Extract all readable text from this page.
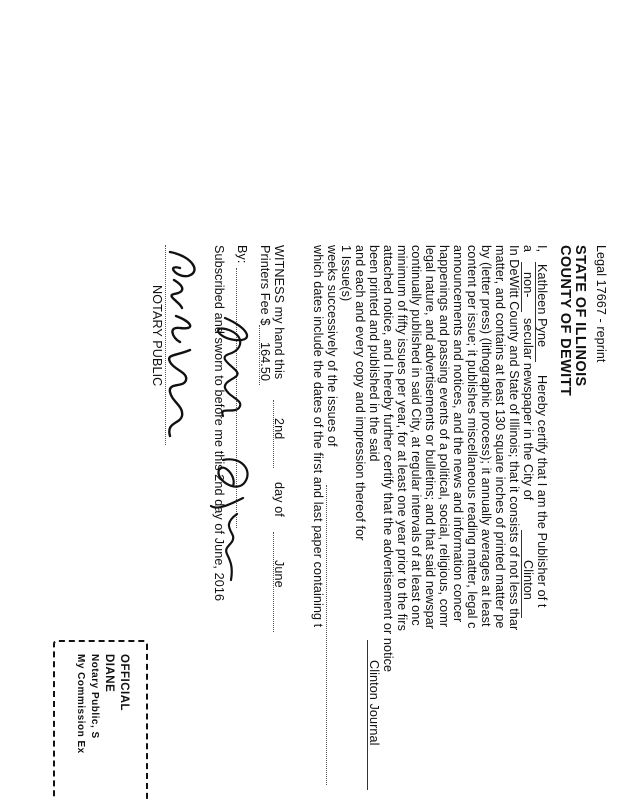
Legal 17667 - reprint
STATE OF ILLINOIS
COUNTY OF DEWITT
I,
Kathleen Pyne
Hereby certify that I am the Publisher of t
a
non-
secular newspaper in the City of
Clinton
In DeWitt County and State of Illinois; that it consists of not less thar
matter, and contains at least 130 square inches of printed matter pe
by (letter press) (lithographic process); it annually averages at least
content per issue; it publishes miscellaneous reading matter, legal c
announcements and notices, and the news and information concer
happenings and passing events of a political, social, religious, comr
legal nature, and advertisements or bulletins; and that said newspar
continually published in said City, at regular intervals of at least onc
minimum of fifty issues per year, for at least one year prior to the firs
attached notice, and I hereby further certify that the advertisement or notice
been printed and published in the said
Clinton Journal
and each and every copy and impression thereof for
1 Issue(s)
weeks successively of the issues of
which dates include the dates of the first and last paper containing t
WITNESS my hand this
2nd
day of
June
Printers Fee $
164.50
By:
Subscribed and sworn to before me this 2nd day of June, 2016
NOTARY PUBLIC
OFFICIAL
DIANE
Notary Public, S
My Commission Ex
